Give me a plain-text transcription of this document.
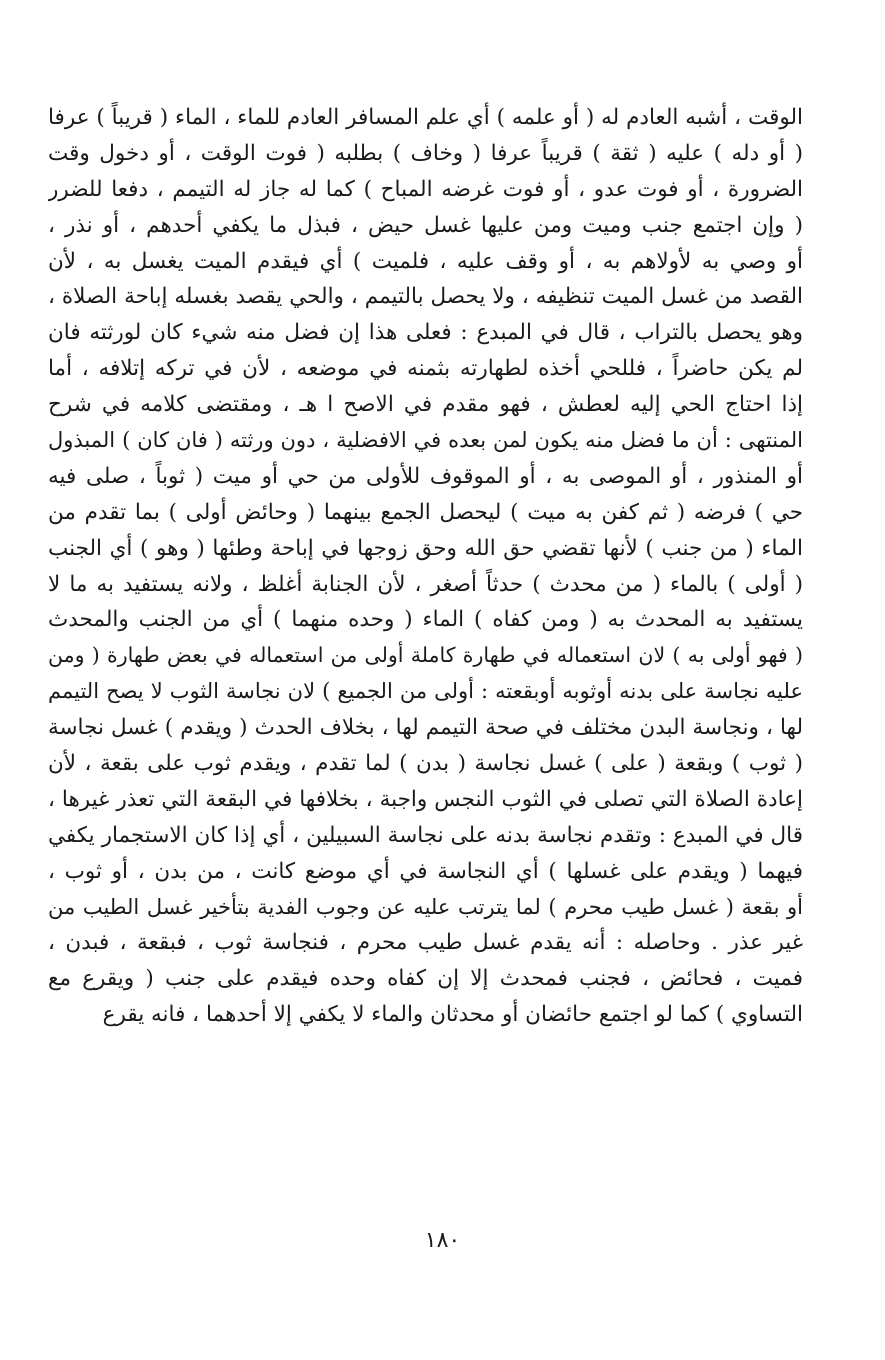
الوقت ، أشبه العادم له ( أو علمه ) أي علم المسافر العادم للماء ، الماء ( قريباً ) عرفا
( أو دله ) عليه ( ثقة ) قريباً عرفا ( وخاف ) بطلبه ( فوت الوقت ، أو دخول وقت
الضرورة ، أو فوت عدو ، أو فوت غرضه المباح ) كما له جاز له التيمم ، دفعا للضرر
( وإن اجتمع جنب وميت ومن عليها غسل حيض ، فبذل ما يكفي أحدهم ، أو نذر ،
أو وصي به لأولاهم به ، أو وقف عليه ، فلميت ) أي فيقدم الميت يغسل به ، لأن
القصد من غسل الميت تنظيفه ، ولا يحصل بالتيمم ، والحي يقصد بغسله إباحة الصلاة ،
وهو يحصل بالتراب ، قال في المبدع : فعلى هذا إن فضل منه شيء كان لورثته فان
لم يكن حاضراً ، فللحي أخذه لطهارته بثمنه في موضعه ، لأن في تركه إتلافه ، أما
إذا احتاج الحي إليه لعطش ، فهو مقدم في الاصح ا هـ ، ومقتضى كلامه في شرح
المنتهى : أن ما فضل منه يكون لمن بعده في الافضلية ، دون ورثته ( فان كان ) المبذول
أو المنذور ، أو الموصى به ، أو الموقوف للأولى من حي أو ميت ( ثوباً ، صلى فيه
حي ) فرضه ( ثم كفن به ميت ) ليحصل الجمع بينهما ( وحائض أولى ) بما تقدم من
الماء ( من جنب ) لأنها تقضي حق الله وحق زوجها في إباحة وطئها ( وهو ) أي الجنب
( أولى ) بالماء ( من محدث ) حدثاً أصغر ، لأن الجنابة أغلظ ، ولانه يستفيد به ما لا
يستفيد به المحدث به ( ومن كفاه ) الماء ( وحده منهما ) أي من الجنب والمحدث
( فهو أولى به ) لان استعماله في طهارة كاملة أولى من استعماله في بعض طهارة ( ومن
عليه نجاسة على بدنه أوثوبه أوبقعته : أولى من الجميع ) لان نجاسة الثوب لا يصح التيمم
لها ، ونجاسة البدن مختلف في صحة التيمم لها ، بخلاف الحدث ( ويقدم ) غسل نجاسة
( ثوب ) وبقعة ( على ) غسل نجاسة ( بدن ) لما تقدم ، ويقدم ثوب على بقعة ، لأن
إعادة الصلاة التي تصلى في الثوب النجس واجبة ، بخلافها في البقعة التي تعذر غيرها ،
قال في المبدع : وتقدم نجاسة بدنه على نجاسة السبيلين ، أي إذا كان الاستجمار يكفي
فيهما ( ويقدم على غسلها ) أي النجاسة في أي موضع كانت ، من بدن ، أو ثوب ،
أو بقعة ( غسل طيب محرم ) لما يترتب عليه عن وجوب الفدية بتأخير غسل الطيب من
غير عذر . وحاصله : أنه يقدم غسل طيب محرم ، فنجاسة ثوب ، فبقعة ، فبدن ،
فميت ، فحائض ، فجنب فمحدث إلا إن كفاه وحده فيقدم على جنب ( ويقرع مع
التساوي ) كما لو اجتمع حائضان أو محدثان والماء لا يكفي إلا أحدهما ، فانه يقرع
١٨٠
